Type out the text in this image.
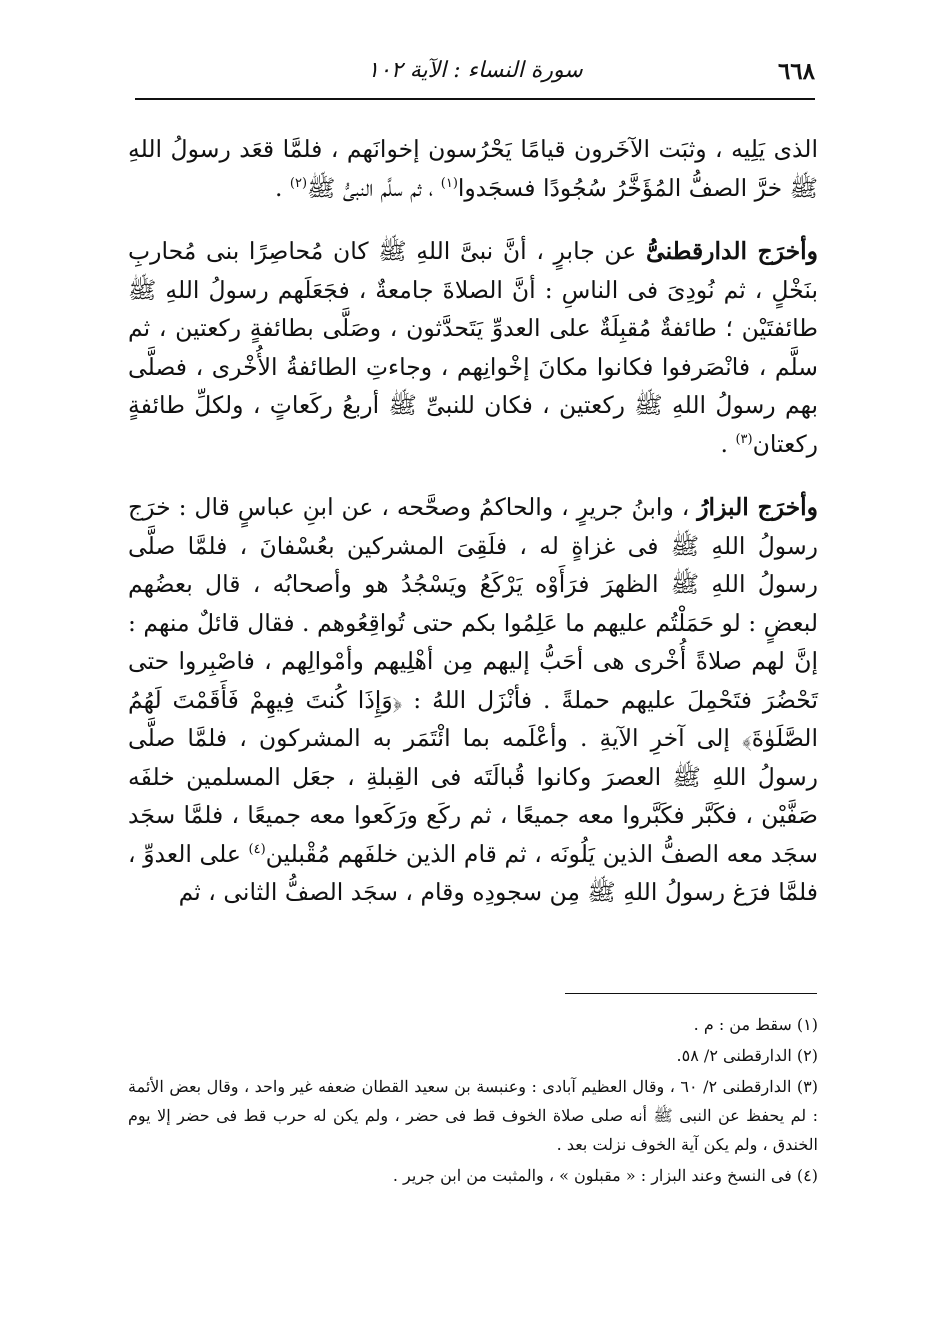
٦٦٨
سورة النساء : الآية ١٠٢

الذى يَلِيه ، وثبَت الآخَرون قيامًا يَحْرُسون إخوانَهم ، فلمَّا قعَد رسولُ اللهِ ﷺ خرَّ الصفُّ المُؤَخَّرُ سُجُودًا فسجَدوا$^{(١)}$ ، ثم سلَّم النبىُّ ﷺ$^{(٢)}$ .

وأخرَج الدارقطنىُّ عن جابرٍ ، أنَّ نبىَّ اللهِ ﷺ كان مُحاصِرًا بنى مُحاربِ بنَخْلٍ ، ثم نُودِىَ فى الناسِ : أنَّ الصلاةَ جامعةٌ ، فجَعَلَهم رسولُ اللهِ ﷺ طائفتَيْن ؛ طائفةٌ مُقبِلَةٌ على العدوِّ يَتَحدَّثون ، وصَلَّى بطائفةٍ ركعتين ، ثم سلَّم ، فانْصَرفوا فكانوا مكانَ إخْوانِهم ، وجاءتِ الطائفةُ الأُخْرى ، فصلَّى بهم رسولُ اللهِ ﷺ ركعتين ، فكان للنبىِّ ﷺ أربعُ ركَعاتٍ ، ولكلِّ طائفةٍ ركعتان$^{(٣)}$ .

وأخرَج البزارُ ، وابنُ جريرٍ ، والحاكمُ وصحَّحه ، عن ابنِ عباسٍ قال : خرَج رسولُ اللهِ ﷺ فى غزاةٍ له ، فلَقِىَ المشركين بعُسْفانَ ، فلمَّا صلَّى رسولُ اللهِ ﷺ الظهرَ فرَأَوْه يَرْكَعُ ويَسْجُدُ هو وأصحابُه ، قال بعضُهم لبعضٍ : لو حَمَلْتُم عليهم ما عَلِمُوا بكم حتى تُواقِعُوهم . فقال قائلٌ منهم : إنَّ لهم صلاةً أُخْرى هى أحَبُّ إليهم مِن أهْلِيهم وأمْوالِهم ، فاصْبِروا حتى تَحْضُرَ فتَحْمِلَ عليهم حملةً . فأنْزَل اللهُ : ﴿وَإِذَا كُنتَ فِيهِمْ فَأَقَمْتَ لَهُمُ الصَّلَوٰةَ﴾ إلى آخرِ الآيةِ . وأعْلَمه بما ائْتَمَر به المشركون ، فلمَّا صلَّى رسولُ اللهِ ﷺ العصرَ وكانوا قُبالَتَه فى القِبلةِ ، جعَل المسلمين خلفَه صَفَّيْن ، فكَبَّر فكَبَّروا معه جميعًا ، ثم ركَع ورَكَعوا معه جميعًا ، فلمَّا سجَد سجَد معه الصفُّ الذين يَلُونَه ، ثم قام الذين خلفَهم مُقْبلين$^{(٤)}$ على العدوِّ ، فلمَّا فرَغ رسولُ اللهِ ﷺ مِن سجودِه وقام ، سجَد الصفُّ الثانى ، ثم

(١) سقط من : م .

(٢) الدارقطنى ٢/ ٥٨.

(٣) الدارقطنى ٢/ ٦٠ ، وقال العظيم آبادى : وعنبسة بن سعيد القطان ضعفه غير واحد ، وقال بعض الأئمة : لم يحفظ عن النبى ﷺ أنه صلى صلاة الخوف قط فى حضر ، ولم يكن له حرب قط فى حضر إلا يوم الخندق ، ولم يكن آية الخوف نزلت بعد .

(٤) فى النسخ وعند البزار : « مقبلون » ، والمثبت من ابن جرير .
